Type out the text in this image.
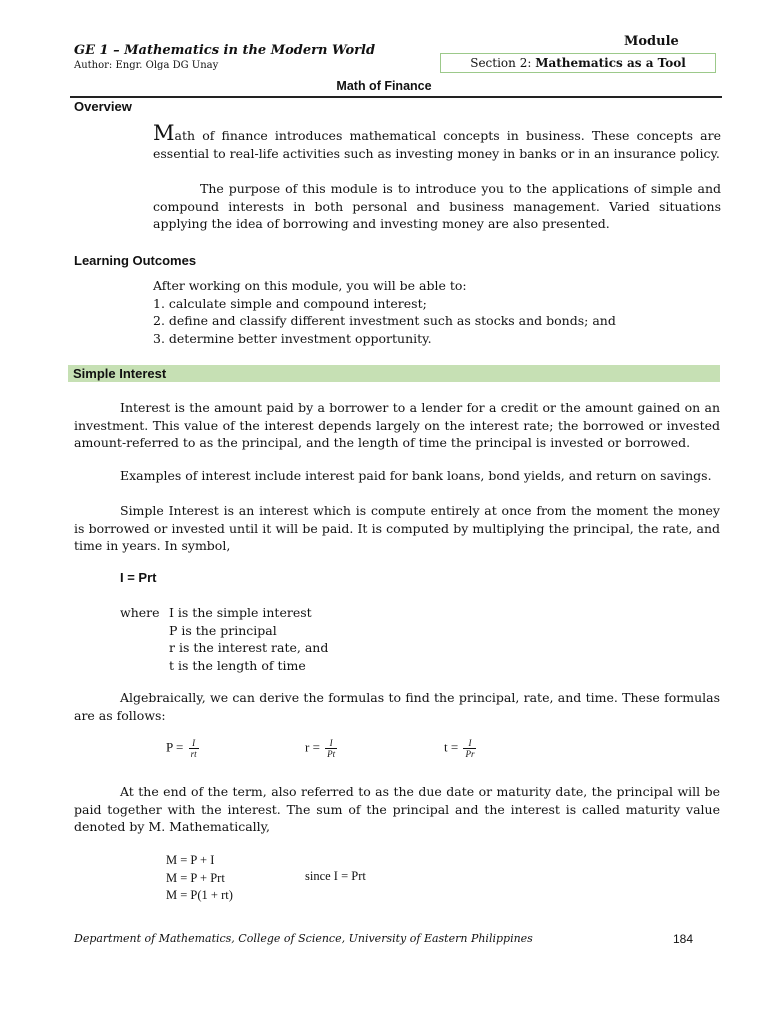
GE 1 – Mathematics in the Modern World
Author: Engr. Olga DG Unay
Module
Section 2: Mathematics as a Tool
Math of Finance
Overview
Math of finance introduces mathematical concepts in business. These concepts are essential to real-life activities such as investing money in banks or in an insurance policy.
The purpose of this module is to introduce you to the applications of simple and compound interests in both personal and business management. Varied situations applying the idea of borrowing and investing money are also presented.
Learning Outcomes
After working on this module, you will be able to:
1. calculate simple and compound interest;
2. define and classify different investment such as stocks and bonds; and
3. determine better investment opportunity.
Simple Interest
Interest is the amount paid by a borrower to a lender for a credit or the amount gained on an investment. This value of the interest depends largely on the interest rate; the borrowed or invested amount-referred to as the principal, and the length of time the principal is invested or borrowed.
Examples of interest include interest paid for bank loans, bond yields, and return on savings.
Simple Interest is an interest which is compute entirely at once from the moment the money is borrowed or invested until it will be paid. It is computed by multiplying the principal, the rate, and time in years. In symbol,
I = Prt
where I is the simple interest
P is the principal
r is the interest rate, and
t is the length of time
Algebraically, we can derive the formulas to find the principal, rate, and time. These formulas are as follows:
$P = \frac{I}{rt}$	$r = \frac{I}{Pt}$	$t = \frac{I}{Pr}$
At the end of the term, also referred to as the due date or maturity date, the principal will be paid together with the interest. The sum of the principal and the interest is called maturity value denoted by M. Mathematically,
M = P + I
M = P + Prt
M = P(1 + rt)
since I = Prt
Department of Mathematics, College of Science, University of Eastern Philippines	184
